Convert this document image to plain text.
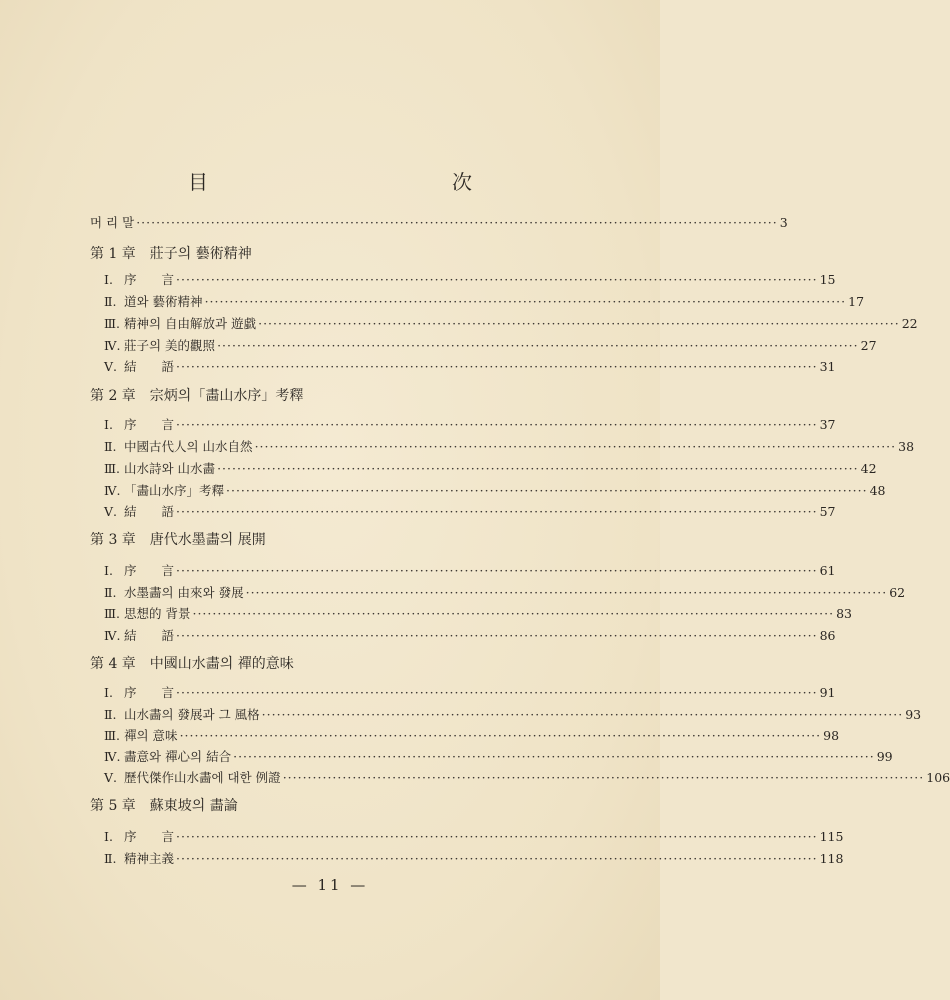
目　　次
머 리 말 ································································································································· 3
第 1 章　莊子의 藝術精神
Ⅰ. 序　　言 ································································································································· 15
Ⅱ. 道와 藝術精神 ································································································································· 17
Ⅲ. 精神의 自由解放과 遊戱 ································································································································· 22
Ⅳ. 莊子의 美的觀照 ································································································································· 27
Ⅴ. 結　　語 ································································································································· 31
第 2 章　宗炳의「畵山水序」考釋
Ⅰ. 序　　言 ································································································································· 37
Ⅱ. 中國古代人의 山水自然 ································································································································· 38
Ⅲ. 山水詩와 山水畵 ································································································································· 42
Ⅳ. 「畵山水序」考釋 ································································································································· 48
Ⅴ. 結　　語 ································································································································· 57
第 3 章　唐代水墨畵의 展開
Ⅰ. 序　　言 ································································································································· 61
Ⅱ. 水墨畵의 由來와 發展 ································································································································· 62
Ⅲ. 思想的 背景 ································································································································· 83
Ⅳ. 結　　語 ································································································································· 86
第 4 章　中國山水畵의 禪的意味
Ⅰ. 序　　言 ································································································································· 91
Ⅱ. 山水畵의 發展과 그 風格 ································································································································· 93
Ⅲ. 禪의 意味 ································································································································· 98
Ⅳ. 畵意와 禪心의 結合 ································································································································· 99
Ⅴ. 歷代傑作山水畵에 대한 例證 ································································································································· 106
第 5 章　蘇東坡의 畵論
Ⅰ. 序　　言 ································································································································· 115
Ⅱ. 精神主義 ································································································································· 118
— 11 —
